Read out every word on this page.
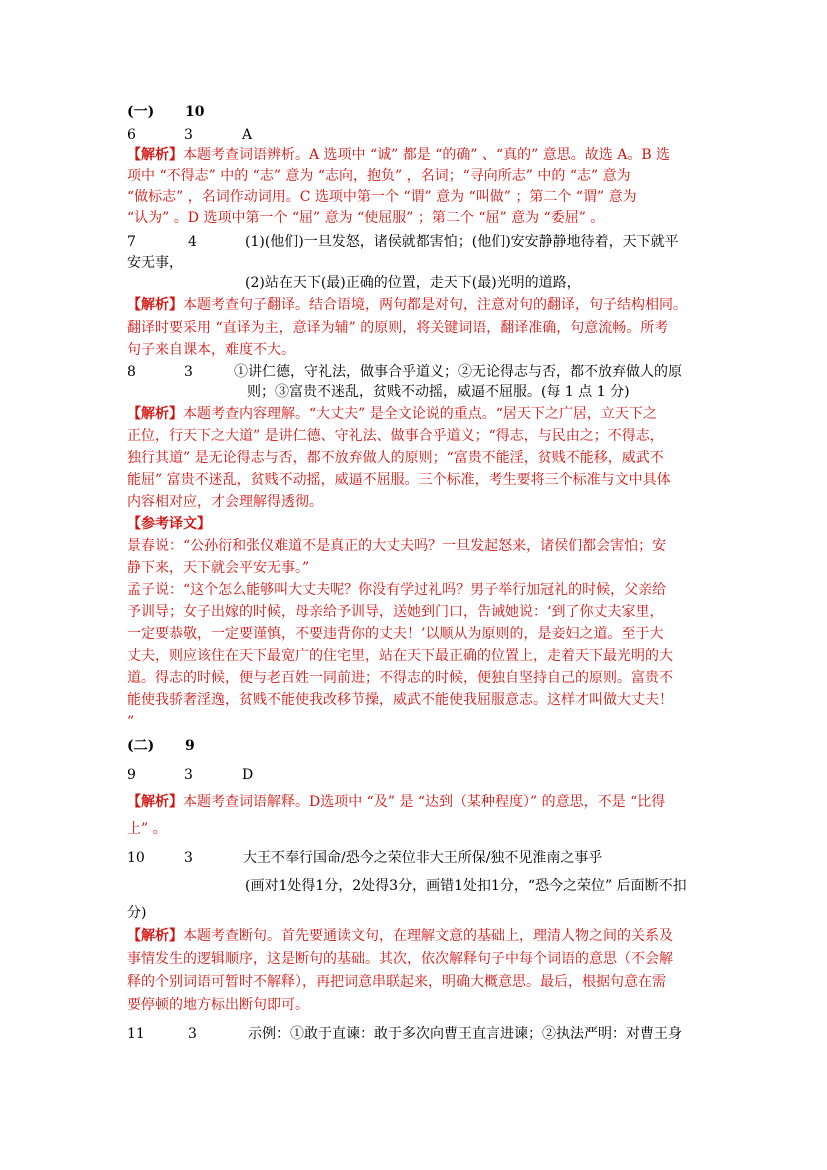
(一) 10
6	3	A
【解析】本题考查词语辨析。A 选项中 “诚” 都是 “的确” 、“真的” 意思。故选 A。B 选
项中 “不得志” 中的 “志” 意为 “志向，抱负” ，名词；“寻向所志” 中的 “志” 意为
“做标志” ，名词作动词用。C 选项中第一个 “谓” 意为 “叫做” ；第二个 “谓” 意为
“认为” 。D 选项中第一个 “屈” 意为 “使屈服” ；第二个 “屈” 意为 “委屈” 。
7	4	(1)(他们)一旦发怒，诸侯就都害怕；(他们)安安静静地待着，天下就平
安无事，
(2)站在天下(最)正确的位置，走天下(最)光明的道路，
【解析】本题考查句子翻译。结合语境，两句都是对句，注意对句的翻译，句子结构相同。
翻译时要采用 “直译为主，意译为辅” 的原则，将关键词语，翻译准确，句意流畅。所考
句子来自课本，难度不大。
8	3	①讲仁德，守礼法，做事合乎道义；②无论得志与否，都不放弃做人的原
则；③富贵不迷乱，贫贱不动摇，威逼不屈服。(每 1 点 1 分)
【解析】本题考查内容理解。“大丈夫” 是全文论说的重点。“居天下之广居，立天下之
正位，行天下之大道” 是讲仁德、守礼法、做事合乎道义；“得志，与民由之；不得志，
独行其道” 是无论得志与否，都不放弃做人的原则；“富贵不能淫，贫贱不能移，威武不
能屈” 富贵不迷乱，贫贱不动摇，威逼不屈服。三个标准，考生要将三个标准与文中具体
内容相对应，才会理解得透彻。
【参考译文】
景春说：“公孙衍和张仪难道不是真正的大丈夫吗？一旦发起怒来，诸侯们都会害怕；安
静下来，天下就会平安无事。”
孟子说：“这个怎么能够叫大丈夫呢？你没有学过礼吗？男子举行加冠礼的时候，父亲给
予训导；女子出嫁的时候，母亲给予训导，送她到门口，告诫她说：‘到了你丈夫家里，
一定要恭敬，一定要谨慎，不要违背你的丈夫！’以顺从为原则的，是妾妇之道。至于大
丈夫，则应该住在天下最宽广的住宅里，站在天下最正确的位置上，走着天下最光明的大
道。得志的时候，便与老百姓一同前进；不得志的时候，便独自坚持自己的原则。富贵不
能使我骄奢淫逸，贫贱不能使我改移节操，威武不能使我屈服意志。这样才叫做大丈夫！
”
(二) 9
9	3	D
【解析】本题考查词语解释。D选项中 “及” 是 “达到（某种程度）” 的意思，不是 “比得
上” 。
10	3	大王不奉行国命/恐今之荣位非大王所保/独不见淮南之事乎
(画对1处得1分，2处得3分，画错1处扣1分，“恐今之荣位” 后面断不扣
分)
【解析】本题考查断句。首先要通读文句，在理解文意的基础上，理清人物之间的关系及
事情发生的逻辑顺序，这是断句的基础。其次，依次解释句子中每个词语的意思（不会解
释的个别词语可暂时不解释），再把词意串联起来，明确大概意思。最后，根据句意在需
要停顿的地方标出断句即可。
11	3	示例：①敢于直谏：敢于多次向曹王直言进谏；②执法严明：对曹王身
